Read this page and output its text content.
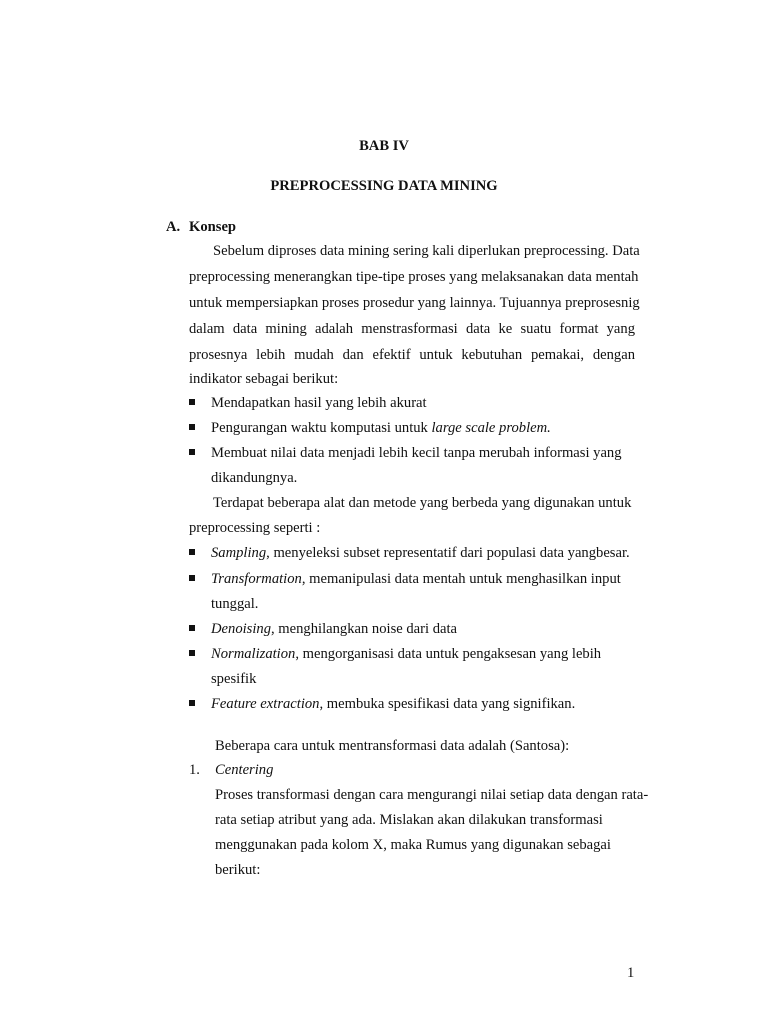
BAB IV
PREPROCESSING DATA MINING
A. Konsep
Sebelum diproses data mining sering kali diperlukan preprocessing. Data
preprocessing menerangkan tipe-tipe proses yang melaksanakan data mentah
untuk mempersiapkan proses prosedur yang lainnya. Tujuannya preprosesnig
dalam data mining adalah menstrasformasi data ke suatu format yang
prosesnya lebih mudah dan efektif untuk kebutuhan pemakai, dengan
indikator sebagai berikut:
Mendapatkan hasil yang lebih akurat
Pengurangan waktu komputasi untuk large scale problem.
Membuat nilai data menjadi lebih kecil tanpa merubah informasi yang
dikandungnya.
Terdapat beberapa alat dan metode yang berbeda yang digunakan untuk
preprocessing seperti :
Sampling, menyeleksi subset representatif dari populasi data yangbesar.
Transformation, memanipulasi data mentah untuk menghasilkan input
tunggal.
Denoising, menghilangkan noise dari data
Normalization, mengorganisasi data untuk pengaksesan yang lebih
spesifik
Feature extraction, membuka spesifikasi data yang signifikan.
Beberapa cara untuk mentransformasi data adalah (Santosa):
1. Centering
Proses transformasi dengan cara mengurangi nilai setiap data dengan rata-
rata setiap atribut yang ada. Mislakan akan dilakukan transformasi
menggunakan pada kolom X, maka Rumus yang digunakan sebagai
berikut:
1
